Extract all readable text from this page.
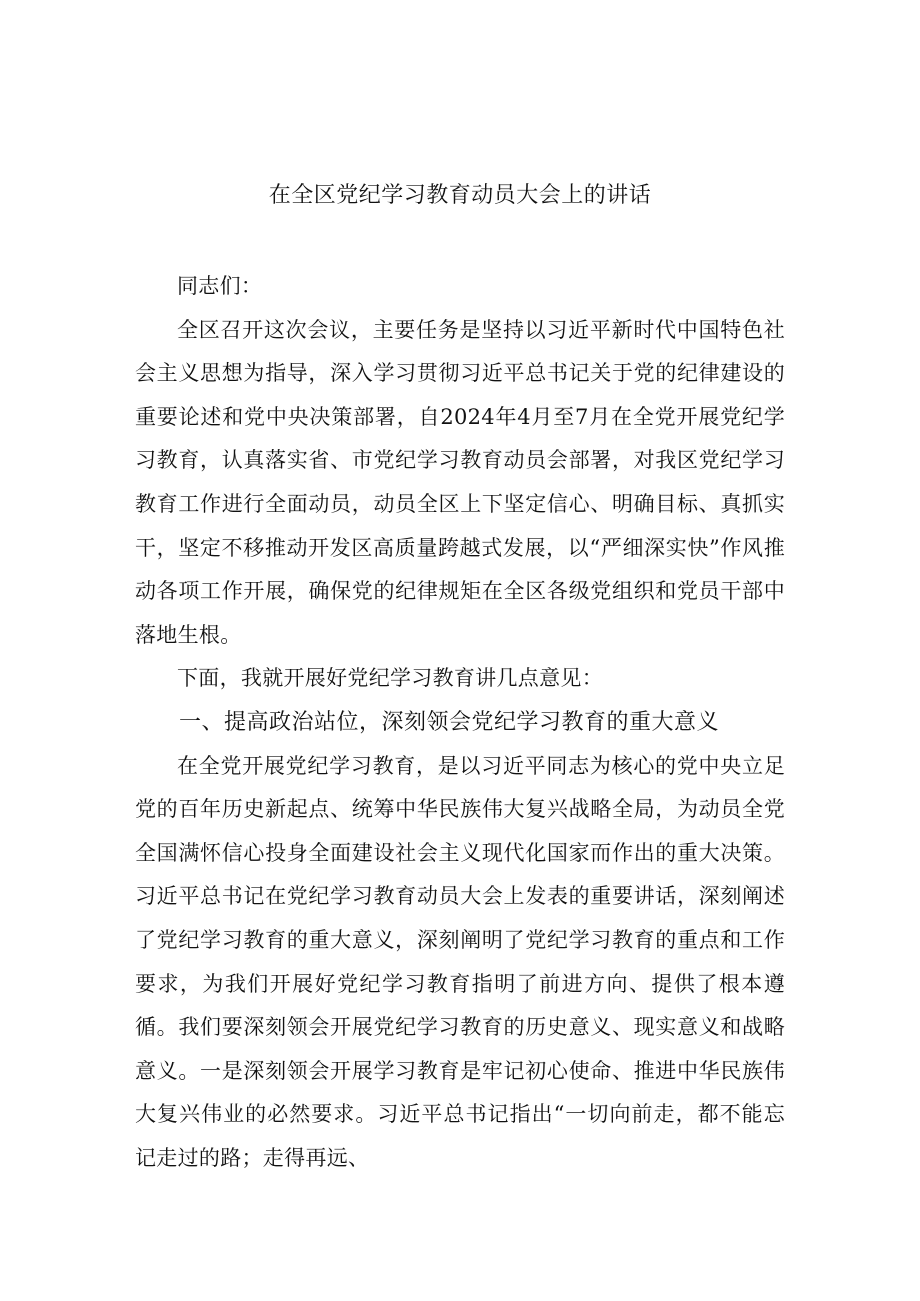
在全区党纪学习教育动员大会上的讲话

同志们：

全区召开这次会议，主要任务是坚持以习近平新时代中国特色社会主义思想为指导，深入学习贯彻习近平总书记关于党的纪律建设的重要论述和党中央决策部署，自2024年4月至7月在全党开展党纪学习教育，认真落实省、市党纪学习教育动员会部署，对我区党纪学习教育工作进行全面动员，动员全区上下坚定信心、明确目标、真抓实干，坚定不移推动开发区高质量跨越式发展，以“严细深实快”作风推动各项工作开展，确保党的纪律规矩在全区各级党组织和党员干部中落地生根。

下面，我就开展好党纪学习教育讲几点意见：

一、提高政治站位，深刻领会党纪学习教育的重大意义

在全党开展党纪学习教育，是以习近平同志为核心的党中央立足党的百年历史新起点、统筹中华民族伟大复兴战略全局，为动员全党全国满怀信心投身全面建设社会主义现代化国家而作出的重大决策。习近平总书记在党纪学习教育动员大会上发表的重要讲话，深刻阐述了党纪学习教育的重大意义，深刻阐明了党纪学习教育的重点和工作要求，为我们开展好党纪学习教育指明了前进方向、提供了根本遵循。我们要深刻领会开展党纪学习教育的历史意义、现实意义和战略意义。一是深刻领会开展学习教育是牢记初心使命、推进中华民族伟大复兴伟业的必然要求。习近平总书记指出“一切向前走，都不能忘记走过的路；走得再远、
